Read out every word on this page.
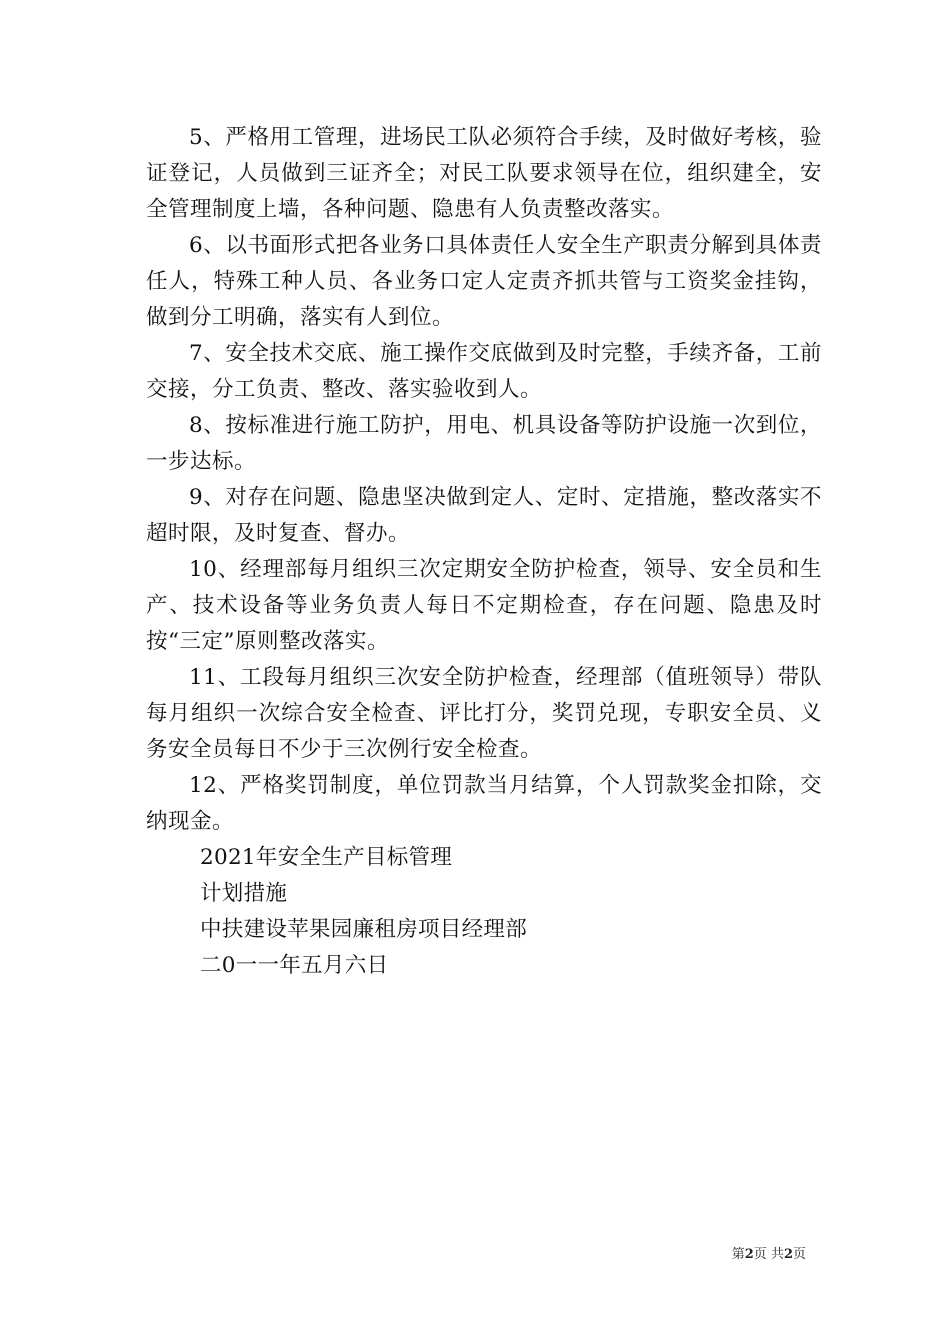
5、严格用工管理，进场民工队必须符合手续，及时做好考核，验证登记，人员做到三证齐全；对民工队要求领导在位，组织建全，安全管理制度上墙，各种问题、隐患有人负责整改落实。

6、以书面形式把各业务口具体责任人安全生产职责分解到具体责任人，特殊工种人员、各业务口定人定责齐抓共管与工资奖金挂钩，做到分工明确，落实有人到位。

7、安全技术交底、施工操作交底做到及时完整，手续齐备，工前交接，分工负责、整改、落实验收到人。

8、按标准进行施工防护，用电、机具设备等防护设施一次到位，一步达标。

9、对存在问题、隐患坚决做到定人、定时、定措施，整改落实不超时限，及时复查、督办。

10、经理部每月组织三次定期安全防护检查，领导、安全员和生产、技术设备等业务负责人每日不定期检查，存在问题、隐患及时按“三定”原则整改落实。

11、工段每月组织三次安全防护检查，经理部（值班领导）带队每月组织一次综合安全检查、评比打分，奖罚兑现，专职安全员、义务安全员每日不少于三次例行安全检查。

12、严格奖罚制度，单位罚款当月结算，个人罚款奖金扣除，交纳现金。

2021年安全生产目标管理

计划措施

中扶建设苹果园廉租房项目经理部

二0一一年五月六日

第2页 共2页
